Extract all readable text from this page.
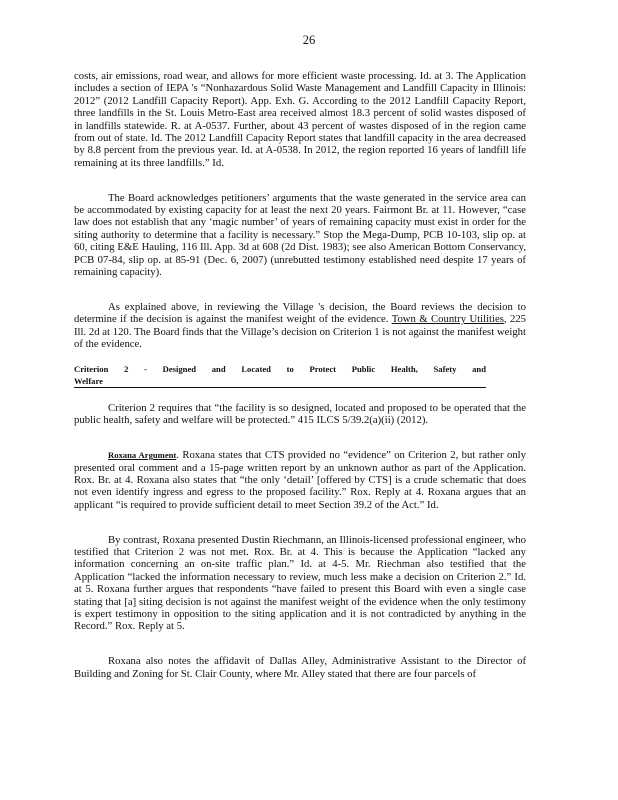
26

costs, air emissions, road wear, and allows for more efficient waste processing. Id. at 3. The Application includes a section of IEPA 's “Nonhazardous Solid Waste Management and Landfill Capacity in Illinois: 2012” (2012 Landfill Capacity Report). App. Exh. G. According to the 2012 Landfill Capacity Report, three landfills in the St. Louis Metro-East area received almost 18.3 percent of solid wastes disposed of in landfills statewide. R. at A-0537. Further, about 43 percent of wastes disposed of in the region came from out of state. Id. The 2012 Landfill Capacity Report states that landfill capacity in the area decreased by 8.8 percent from the previous year. Id. at A-0538. In 2012, the region reported 16 years of landfill life remaining at its three landfills.” Id.

The Board acknowledges petitioners’ arguments that the waste generated in the service area can be accommodated by existing capacity for at least the next 20 years. Fairmont Br. at 11. However, “case law does not establish that any ‘magic number’ of years of remaining capacity must exist in order for the siting authority to determine that a facility is necessary.” Stop the Mega-Dump, PCB 10-103, slip op. at 60, citing E&E Hauling, 116 Ill. App. 3d at 608 (2d Dist. 1983); see also American Bottom Conservancy, PCB 07-84, slip op. at 85-91 (Dec. 6, 2007) (unrebutted testimony established need despite 17 years of remaining capacity).

As explained above, in reviewing the Village 's decision, the Board reviews the decision to determine if the decision is against the manifest weight of the evidence. Town & Country Utilities, 225 Ill. 2d at 120. The Board finds that the Village’s decision on Criterion 1 is not against the manifest weight of the evidence.

Criterion 2 - Designed and Located to Protect Public Health, Safety and Welfare

Criterion 2 requires that “the facility is so designed, located and proposed to be operated that the public health, safety and welfare will be protected.” 415 ILCS 5/39.2(a)(ii) (2012).

Roxana Argument. Roxana states that CTS provided no “evidence” on Criterion 2, but rather only presented oral comment and a 15-page written report by an unknown author as part of the Application. Rox. Br. at 4. Roxana also states that “the only ‘detail’ [offered by CTS] is a crude schematic that does not even identify ingress and egress to the proposed facility.” Rox. Reply at 4. Roxana argues that an applicant “is required to provide sufficient detail to meet Section 39.2 of the Act.” Id.

By contrast, Roxana presented Dustin Riechmann, an Illinois-licensed professional engineer, who testified that Criterion 2 was not met. Rox. Br. at 4. This is because the Application “lacked any information concerning an on-site traffic plan.” Id. at 4-5. Mr. Riechman also testified that the Application “lacked the information necessary to review, much less make a decision on Criterion 2.” Id. at 5. Roxana further argues that respondents “have failed to present this Board with even a single case stating that [a] siting decision is not against the manifest weight of the evidence when the only testimony is expert testimony in opposition to the siting application and it is not contradicted by anything in the Record.” Rox. Reply at 5.

Roxana also notes the affidavit of Dallas Alley, Administrative Assistant to the Director of Building and Zoning for St. Clair County, where Mr. Alley stated that there are four parcels of
